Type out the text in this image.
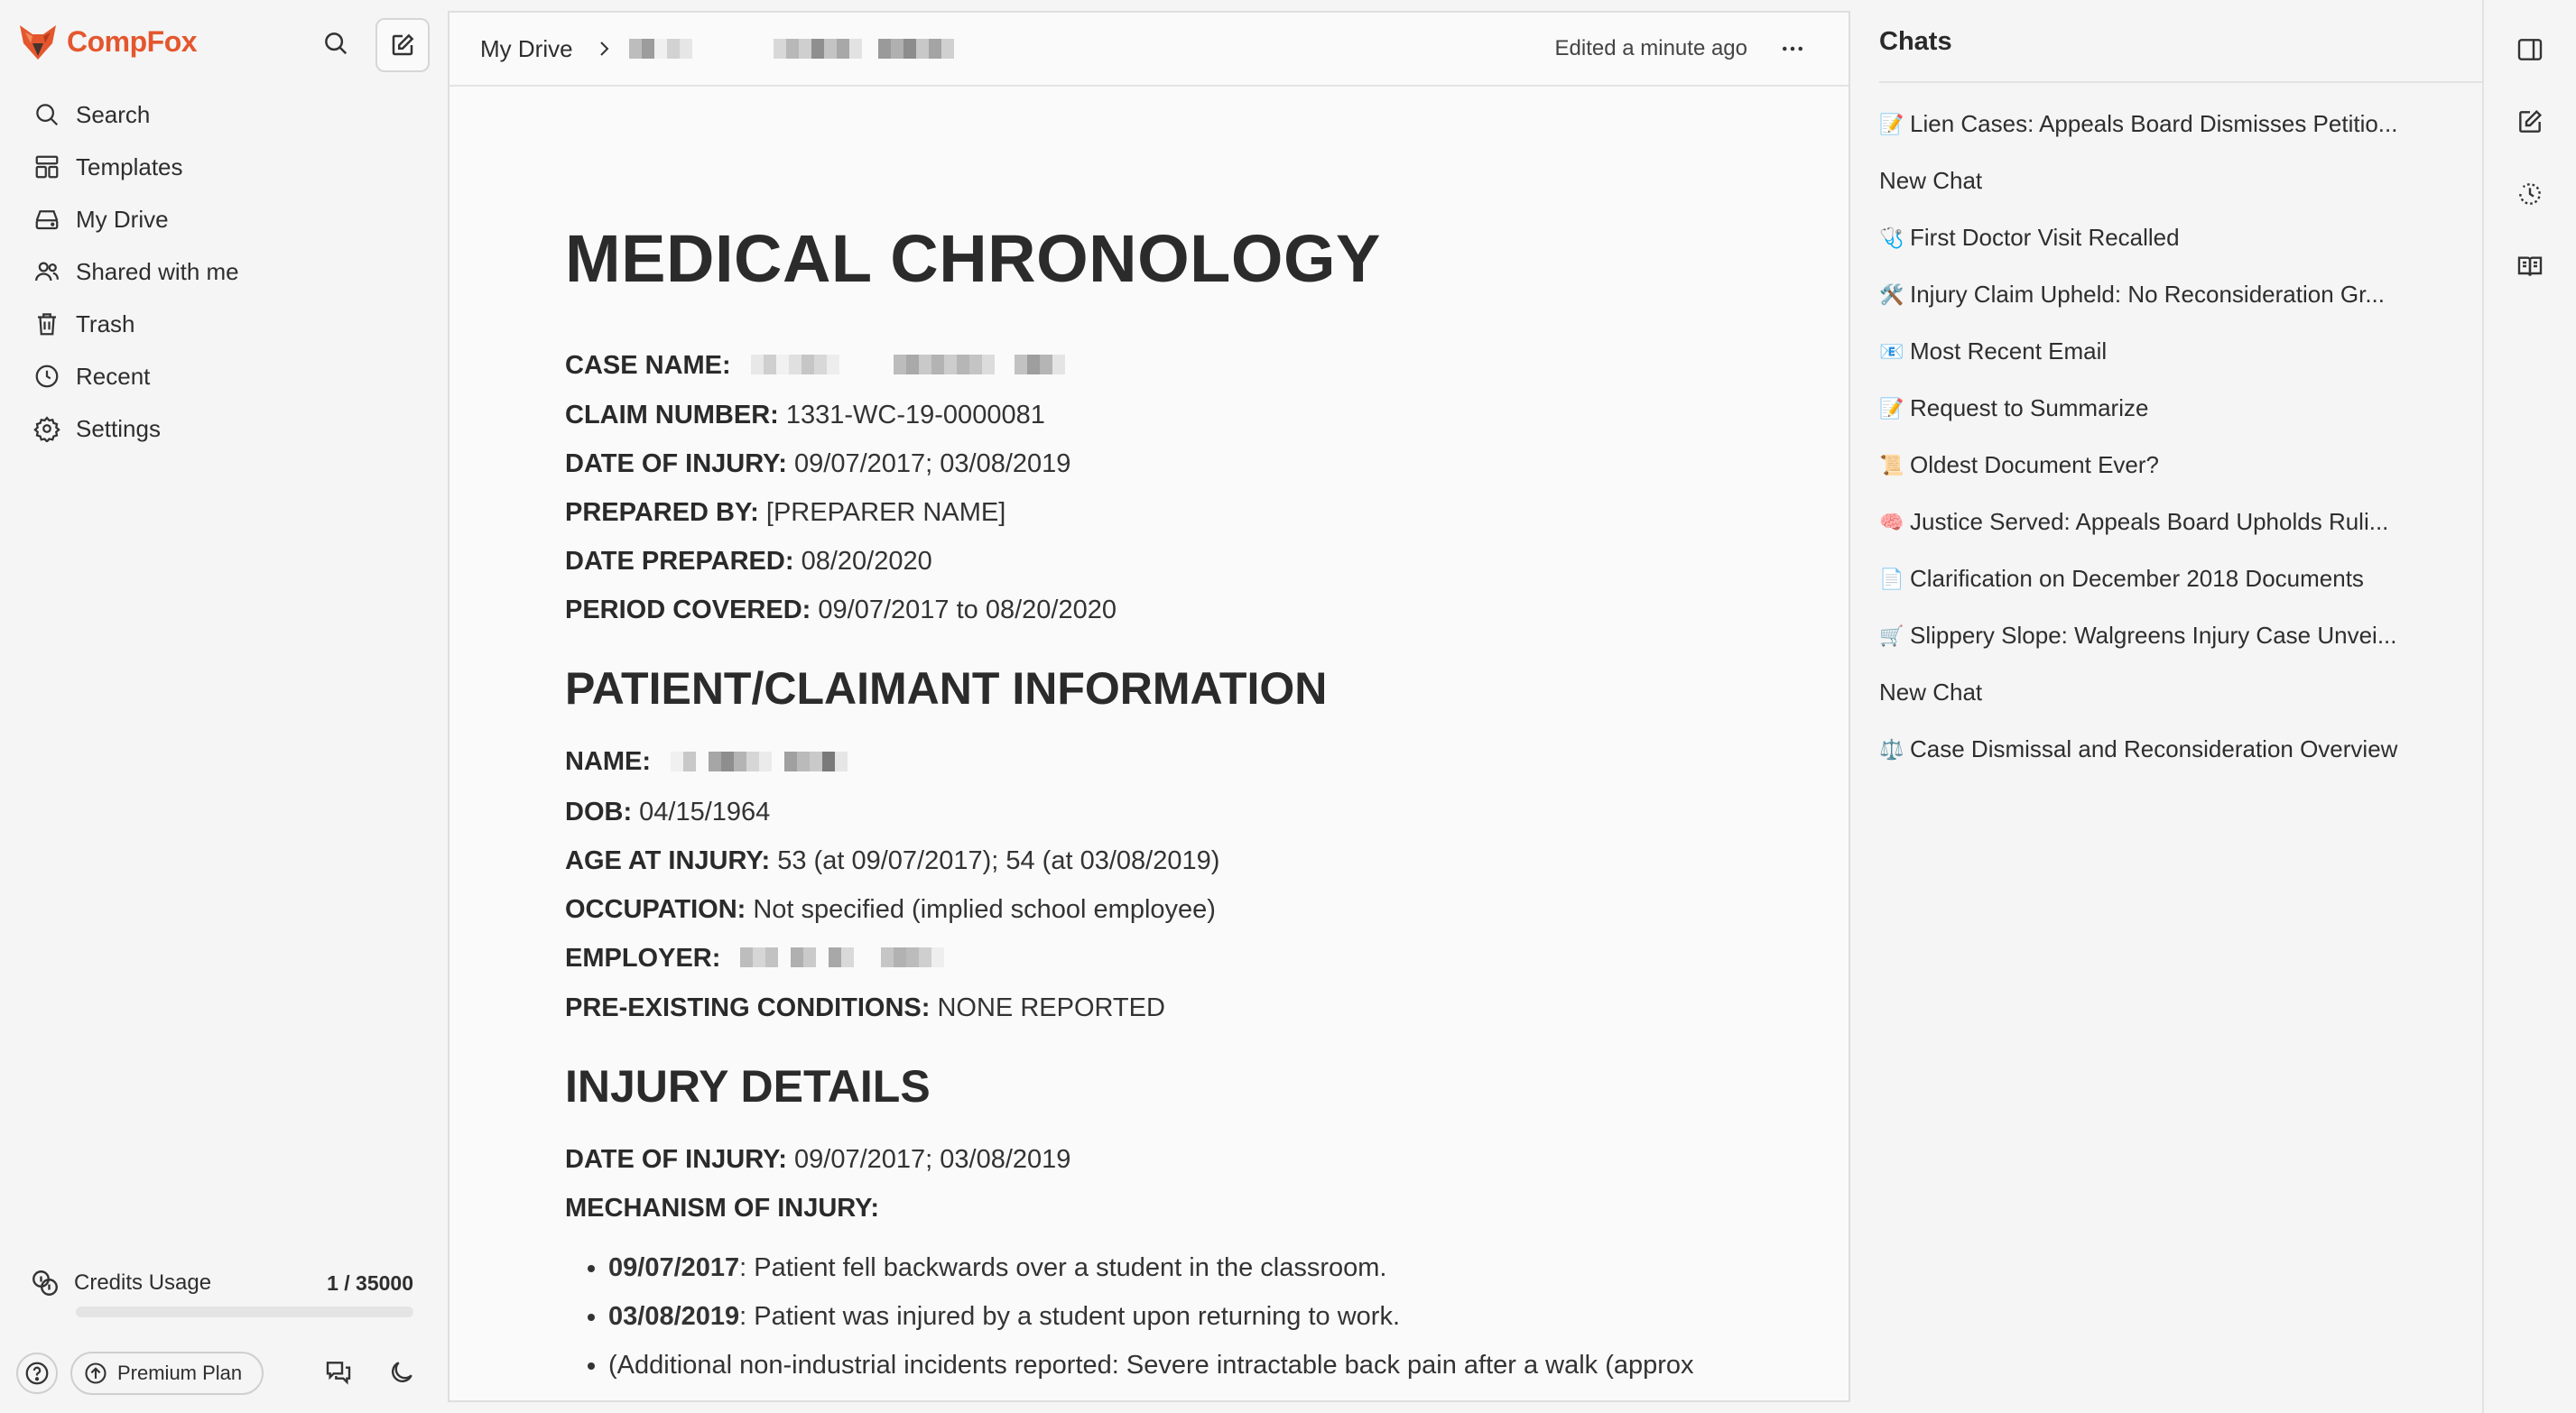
CompFox
Search
Templates
My Drive
Shared with me
Trash
Recent
Settings
Credits Usage	1 / 35000
Premium Plan
My Drive	Edited a minute ago
MEDICAL CHRONOLOGY
CASE NAME:
CLAIM NUMBER: 1331-WC-19-0000081
DATE OF INJURY: 09/07/2017; 03/08/2019
PREPARED BY: [PREPARER NAME]
DATE PREPARED: 08/20/2020
PERIOD COVERED: 09/07/2017 to 08/20/2020
PATIENT/CLAIMANT INFORMATION
NAME:
DOB: 04/15/1964
AGE AT INJURY: 53 (at 09/07/2017); 54 (at 03/08/2019)
OCCUPATION: Not specified (implied school employee)
EMPLOYER:
PRE-EXISTING CONDITIONS: NONE REPORTED
INJURY DETAILS
DATE OF INJURY: 09/07/2017; 03/08/2019
MECHANISM OF INJURY:
• 09/07/2017: Patient fell backwards over a student in the classroom.
• 03/08/2019: Patient was injured by a student upon returning to work.
• (Additional non-industrial incidents reported: Severe intractable back pain after a walk (approx
Chats
📝 Lien Cases: Appeals Board Dismisses Petitio...
New Chat
🩺 First Doctor Visit Recalled
🛠️ Injury Claim Upheld: No Reconsideration Gr...
📧 Most Recent Email
📝 Request to Summarize
📜 Oldest Document Ever?
🧠 Justice Served: Appeals Board Upholds Ruli...
📄 Clarification on December 2018 Documents
🛒 Slippery Slope: Walgreens Injury Case Unvei...
New Chat
⚖️ Case Dismissal and Reconsideration Overview
